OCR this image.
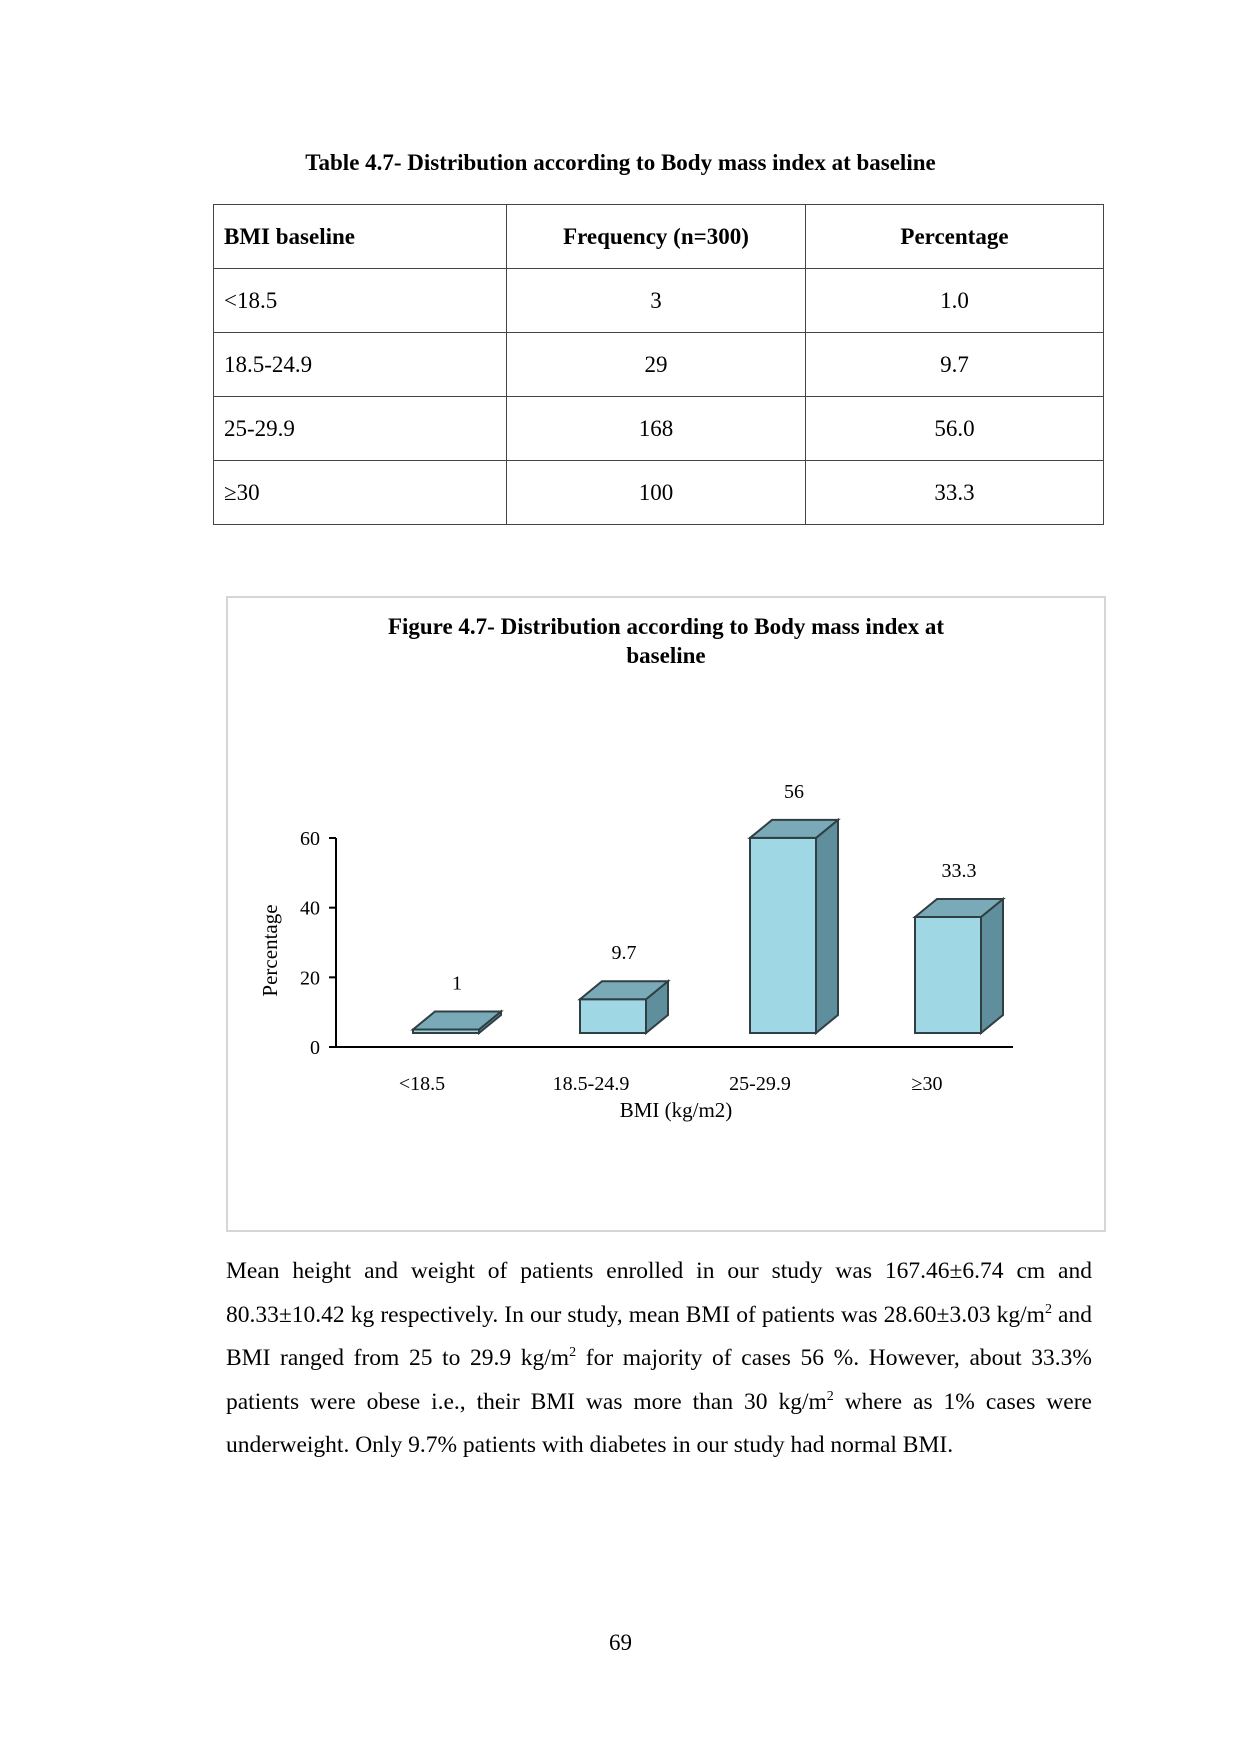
Table 4.7- Distribution according to Body mass index at baseline
BMI baseline	Frequency (n=300)	Percentage
<18.5	3	1.0
18.5-24.9	29	9.7
25-29.9	168	56.0
≥30	100	33.3
Figure 4.7- Distribution according to Body mass index at
baseline
0
20
40
60
Percentage
BMI (kg/m2)
1
<18.5
9.7
18.5-24.9
56
25-29.9
33.3
≥30
Mean height and weight of patients enrolled in our study was 167.46±6.74 cm and 80.33±10.42 kg respectively. In our study, mean BMI of patients was 28.60±3.03 $kg/m^2$ and BMI ranged from 25 to 29.9 $kg/m^2$ for majority of cases 56 %. However, about 33.3% patients were obese i.e., their BMI was more than 30 $kg/m^2$ where as 1% cases were underweight. Only 9.7% patients with diabetes in our study had normal BMI.
69
